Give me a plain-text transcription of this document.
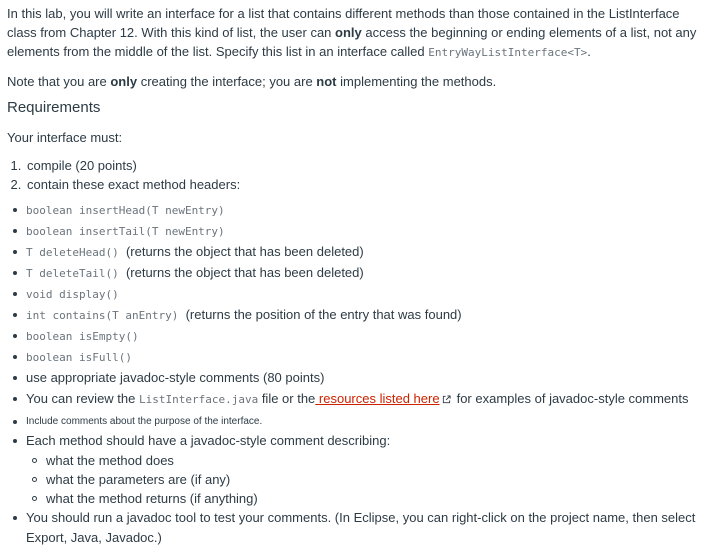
In this lab, you will write an interface for a list that contains different methods than those contained in the ListInterface class from Chapter 12. With this kind of list, the user can only access the beginning or ending elements of a list, not any elements from the middle of the list. Specify this list in an interface called EntryWayListInterface<T>.

Note that you are only creating the interface; you are not implementing the methods.

Requirements

Your interface must:

1. compile (20 points)
2. contain these exact method headers:
boolean insertHead(T newEntry)
boolean insertTail(T newEntry)
T deleteHead() (returns the object that has been deleted)
T deleteTail() (returns the object that has been deleted)
void display()
int contains(T anEntry) (returns the position of the entry that was found)
boolean isEmpty()
boolean isFull()
use appropriate javadoc-style comments (80 points)
You can review the ListInterface.java file or the resources listed here for examples of javadoc-style comments
Include comments about the purpose of the interface.
Each method should have a javadoc-style comment describing:
what the method does
what the parameters are (if any)
what the method returns (if anything)
You should run a javadoc tool to test your comments. (In Eclipse, you can right-click on the project name, then select Export, Java, Javadoc.)
